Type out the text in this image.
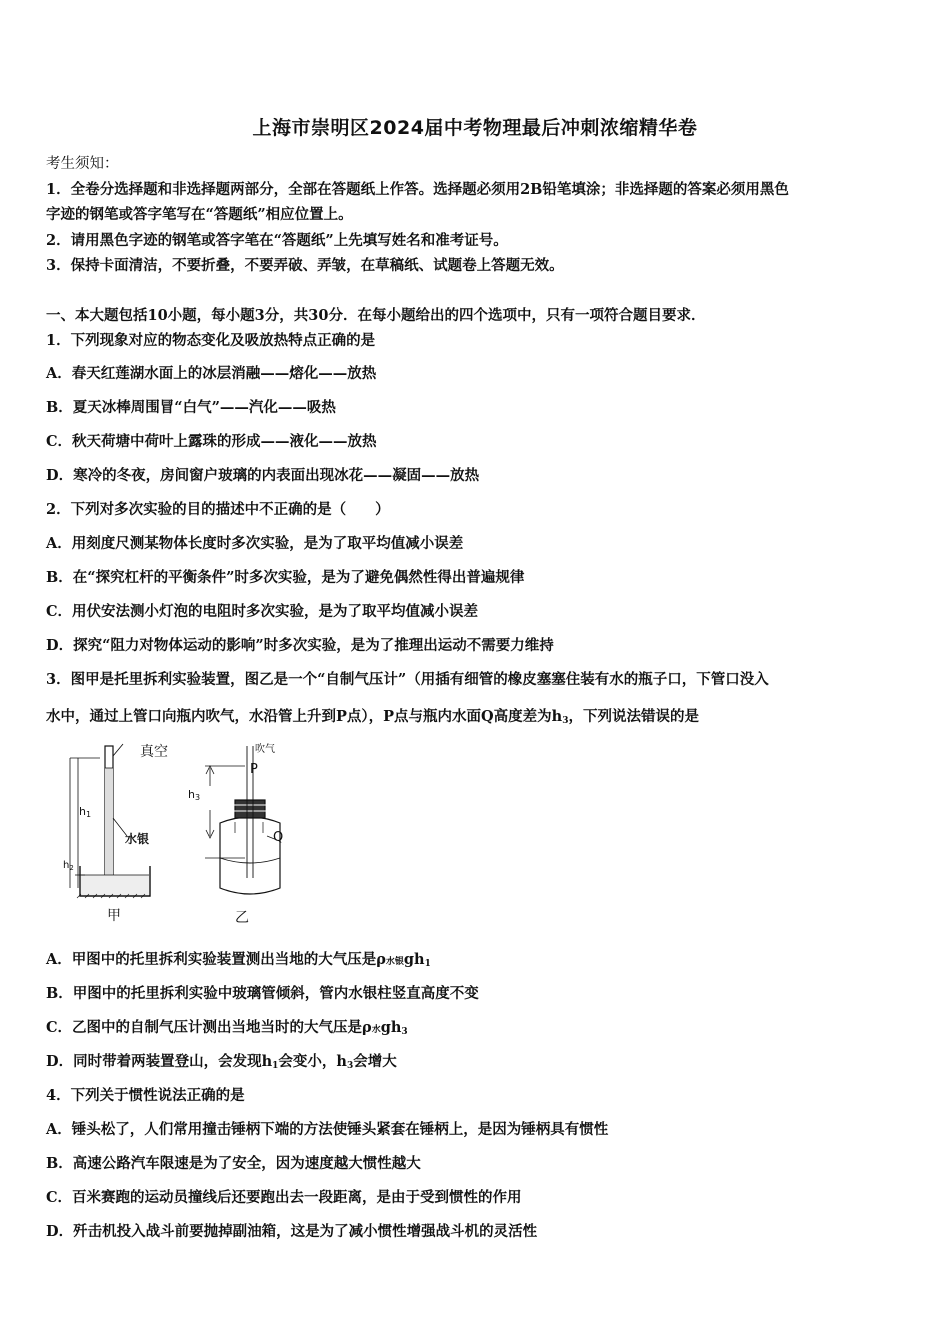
上海市崇明区2024届中考物理最后冲刺浓缩精华卷
考生须知：
1．全卷分选择题和非选择题两部分，全部在答题纸上作答。选择题必须用2B铅笔填涂；非选择题的答案必须用黑色
字迹的钢笔或答字笔写在“答题纸”相应位置上。
2．请用黑色字迹的钢笔或答字笔在“答题纸”上先填写姓名和准考证号。
3．保持卡面清洁，不要折叠，不要弄破、弄皱，在草稿纸、试题卷上答题无效。
一、本大题包括10小题，每小题3分，共30分．在每小题给出的四个选项中，只有一项符合题目要求．
1．下列现象对应的物态变化及吸放热特点正确的是
A．春天红莲湖水面上的冰层消融——熔化——放热
B．夏天冰棒周围冒“白气”——汽化——吸热
C．秋天荷塘中荷叶上露珠的形成——液化——放热
D．寒冷的冬夜，房间窗户玻璃的内表面出现冰花——凝固——放热
2．下列对多次实验的目的描述中不正确的是（　　）
A．用刻度尺测某物体长度时多次实验，是为了取平均值减小误差
B．在“探究杠杆的平衡条件”时多次实验，是为了避免偶然性得出普遍规律
C．用伏安法测小灯泡的电阻时多次实验，是为了取平均值减小误差
D．探究“阻力对物体运动的影响”时多次实验，是为了推理出运动不需要力维持
3．图甲是托里拆利实验装置，图乙是一个“自制气压计”（用插有细管的橡皮塞塞住装有水的瓶子口，下管口没入
水中，通过上管口向瓶内吹气，水沿管上升到P点），P点与瓶内水面Q高度差为$h_3$，下列说法错误的是
真空
水银
h1
$h_2$
甲
吹气
P
h3
Q
乙
A．甲图中的托里拆利实验装置测出当地的大气压是ρ水银$gh_1$
B．甲图中的托里拆利实验中玻璃管倾斜，管内水银柱竖直高度不变
C．乙图中的自制气压计测出当地当时的大气压是ρ水$gh_3$
D．同时带着两装置登山，会发现$h_1$会变小，$h_3$会增大
4．下列关于惯性说法正确的是
A．锤头松了，人们常用撞击锤柄下端的方法使锤头紧套在锤柄上，是因为锤柄具有惯性
B．高速公路汽车限速是为了安全，因为速度越大惯性越大
C．百米赛跑的运动员撞线后还要跑出去一段距离，是由于受到惯性的作用
D．歼击机投入战斗前要抛掉副油箱，这是为了减小惯性增强战斗机的灵活性
